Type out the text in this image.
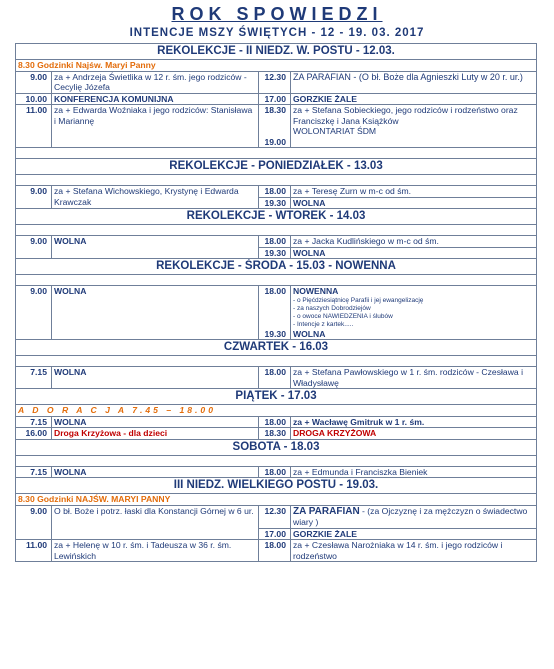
ROK SPOWIEDZI
INTENCJE MSZY ŚWIĘTYCH - 12 - 19. 03. 2017
REKOLEKCJE - II NIEDZ. W. POSTU - 12.03.			
8.30 Godzinki Najśw. Maryi Panny			
9.00	za + Andrzeja Świetlika w 12 r. śm. jego rodziców - Cecylię Józefa	12.30	ZA PARAFIAN - (O bł. Boże dla Agnieszki Luty w 20 r. ur.)
10.00	KONFERENCJA KOMUNIJNA	17.00	GORZKIE ŻALE
11.00	za + Edwarda Woźniaka i jego rodziców: Stanisława i Mariannę	18.30	za + Stefana Sobieckiego, jego rodziców i rodzeństwo oraz Franciszkę i Jana Książków
WOLONTARIAT ŚDM

		19.00	

REKOLEKCJE - PONIEDZIAŁEK - 13.03			

9.00	za + Stefana Wichowskiego, Krystynę i Edwarda Krawczak	18.00	za + Teresę Zurn w m-c od śm.
		19.30	WOLNA
REKOLEKCJE - WTOREK - 14.03			

9.00	WOLNA	18.00	za + Jacka Kudlińskiego w m-c od śm.
		19.30	WOLNA
REKOLEKCJE - ŚRODA - 15.03 - NOWENNA			

9.00	WOLNA	18.00	NOWENNA
- o Pięćdziesiątnicę Parafii i jej ewangelizację
- za naszych Dobrodziejów
- o owoce NAWIEDZENIA i ślubów
- Intencje z kartek.....

		19.30	WOLNA
CZWARTEK - 16.03			

7.15	WOLNA	18.00	za + Stefana Pawłowskiego w 1 r. śm. rodziców - Czesława i Władysławę
PIĄTEK - 17.03			
A D O R A C J A 7.45 – 18.00			
7.15	WOLNA	18.00	za + Wacławę Gmitruk w 1 r. śm.
16.00	Droga Krzyżowa - dla dzieci	18.30	DROGA KRZYŻOWA
SOBOTA - 18.03			

7.15	WOLNA	18.00	za + Edmunda i Franciszka Bieniek
III NIEDZ. WIELKIEGO POSTU - 19.03.			
8.30 Godzinki NAJŚW. MARYI PANNY			
9.00	O bł. Boże i potrz. łaski dla Konstancji Górnej w 6 ur.	12.30	ZA PARAFIAN - (za Ojczyznę i za mężczyzn o świadectwo wiary )
		17.00	GORZKIE ŻALE
11.00	za + Helenę w 10 r. śm. i Tadeusza w 36 r. śm. Lewińskich	18.00	za + Czesława Narożniaka w 14 r. śm. i jego rodziców i rodzeństwo
